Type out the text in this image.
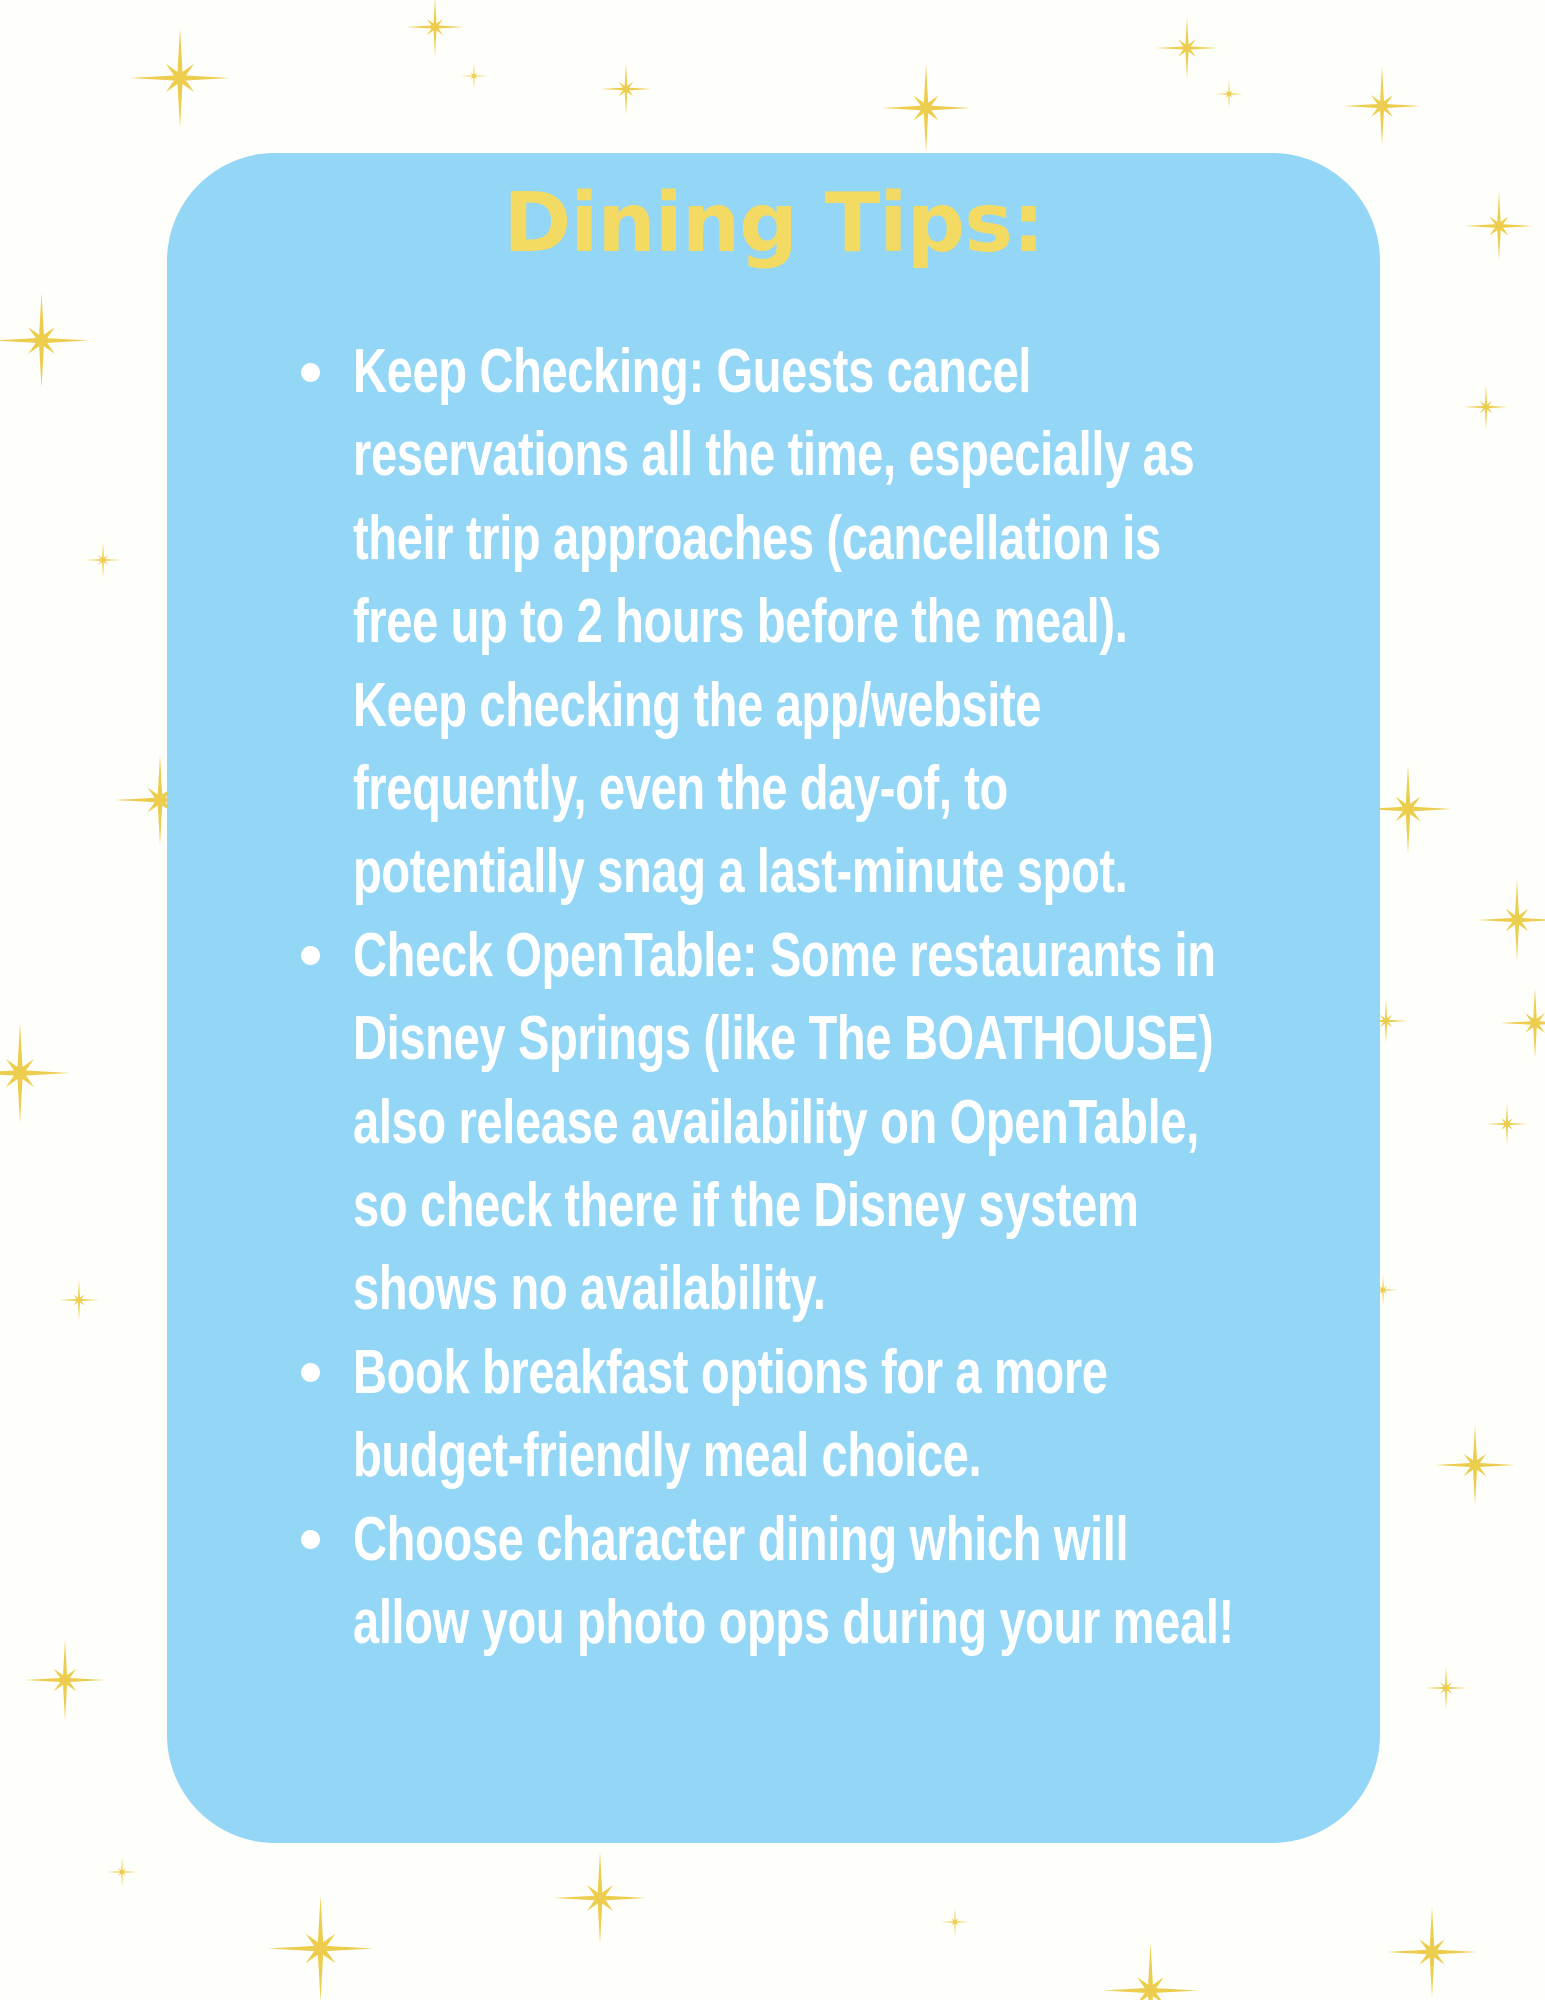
Dining Tips:
Keep Checking: Guests cancel
reservations all the time, especially as
their trip approaches (cancellation is
free up to 2 hours before the meal).
Keep checking the app/website
frequently, even the day-of, to
potentially snag a last-minute spot.
Check OpenTable: Some restaurants in
Disney Springs (like The BOATHOUSE)
also release availability on OpenTable,
so check there if the Disney system
shows no availability.
Book breakfast options for a more
budget-friendly meal choice.
Choose character dining which will
allow you photo opps during your meal!
